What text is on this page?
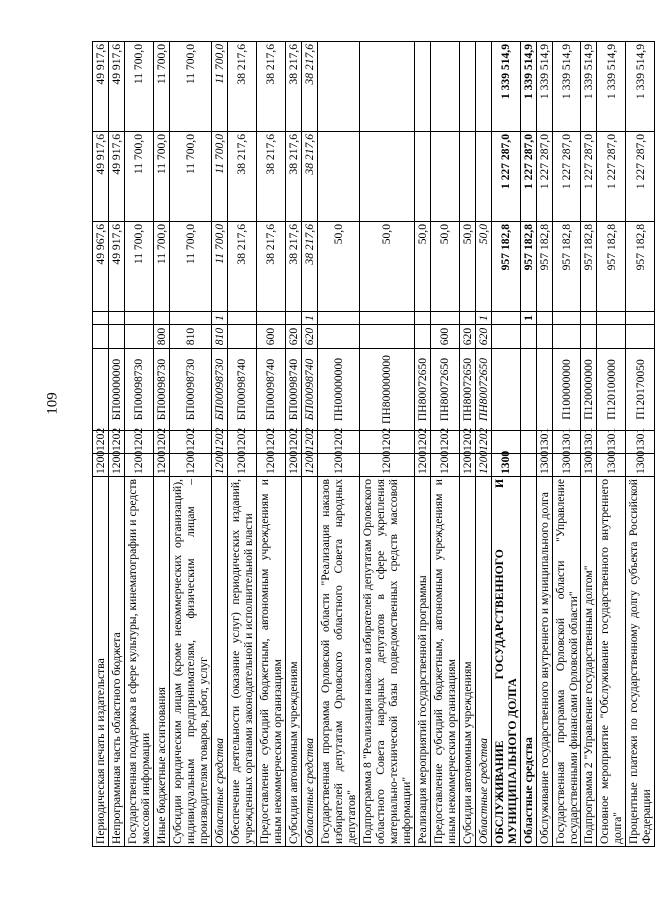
109
Периодическая печать и издательства	1200	1202				49 967,6	49 917,6	49 917,6
Непрограммная часть областного бюджета	1200	1202	БП00000000			49 917,6	49 917,6	49 917,6
Государственная поддержка в сфере культуры, кинематографии и средств массовой информации	1200	1202	БП00098730			11 700,0	11 700,0	11 700,0
Иные бюджетные ассигнования	1200	1202	БП00098730	800		11 700,0	11 700,0	11 700,0
Субсидии юридическим лицам (кроме некоммерческих организаций), индивидуальным предпринимателям, физическим лицам – производителям товаров, работ, услуг	1200	1202	БП00098730	810		11 700,0	11 700,0	11 700,0
Областные средства	1200	1202	БП00098730	810	1	11 700,0	11 700,0	11 700,0
Обеспечение деятельности (оказание услуг) периодических изданий, учрежденных органами законодательной и исполнительной власти	1200	1202	БП00098740			38 217,6	38 217,6	38 217,6
Предоставление субсидий бюджетным, автономным учреждениям и иным некоммерческим организациям	1200	1202	БП00098740	600		38 217,6	38 217,6	38 217,6
Субсидии автономным учреждениям	1200	1202	БП00098740	620		38 217,6	38 217,6	38 217,6
Областные средства	1200	1202	БП00098740	620	1	38 217,6	38 217,6	38 217,6
Государственная программа Орловской области "Реализация наказов избирателей депутатам Орловского областного Совета народных депутатов"	1200	1202	ПН00000000			50,0		
Подпрограмма 8 "Реализация наказов избирателей депутатам Орловского областного Совета народных депутатов в сфере укрепления материально-технической базы подведомственных средств массовой информации"	1200	1202	ПН800000000			50,0		
Реализация мероприятий государственной программы	1200	1202	ПН80072650			50,0		
Предоставление субсидий бюджетным, автономным учреждениям и иным некоммерческим организациям	1200	1202	ПН80072650	600		50,0		
Субсидии автономным учреждениям	1200	1202	ПН80072650	620		50,0		
Областные средства	1200	1202	ПН80072650	620	1	50,0		
ОБСЛУЖИВАНИЕ ГОСУДАРСТВЕННОГО И МУНИЦИПАЛЬНОГО ДОЛГА	1300					957 182,8	1 227 287,0	1 339 514,9
Областные средства					1	957 182,8	1 227 287,0	1 339 514,9
Обслуживание государственного внутреннего и муниципального долга	1300	1301				957 182,8	1 227 287,0	1 339 514,9
Государственная программа Орловской области "Управление государственными финансами Орловской области"	1300	1301	П100000000			957 182,8	1 227 287,0	1 339 514,9
Подпрограмма 2 "Управление государственным долгом"	1300	1301	П120000000			957 182,8	1 227 287,0	1 339 514,9
Основное мероприятие "Обслуживание государственного внутреннего долга"	1300	1301	П120100000			957 182,8	1 227 287,0	1 339 514,9
Процентные платежи по государственному долгу субъекта Российской Федерации	1300	1301	П120170050			957 182,8	1 227 287,0	1 339 514,9
